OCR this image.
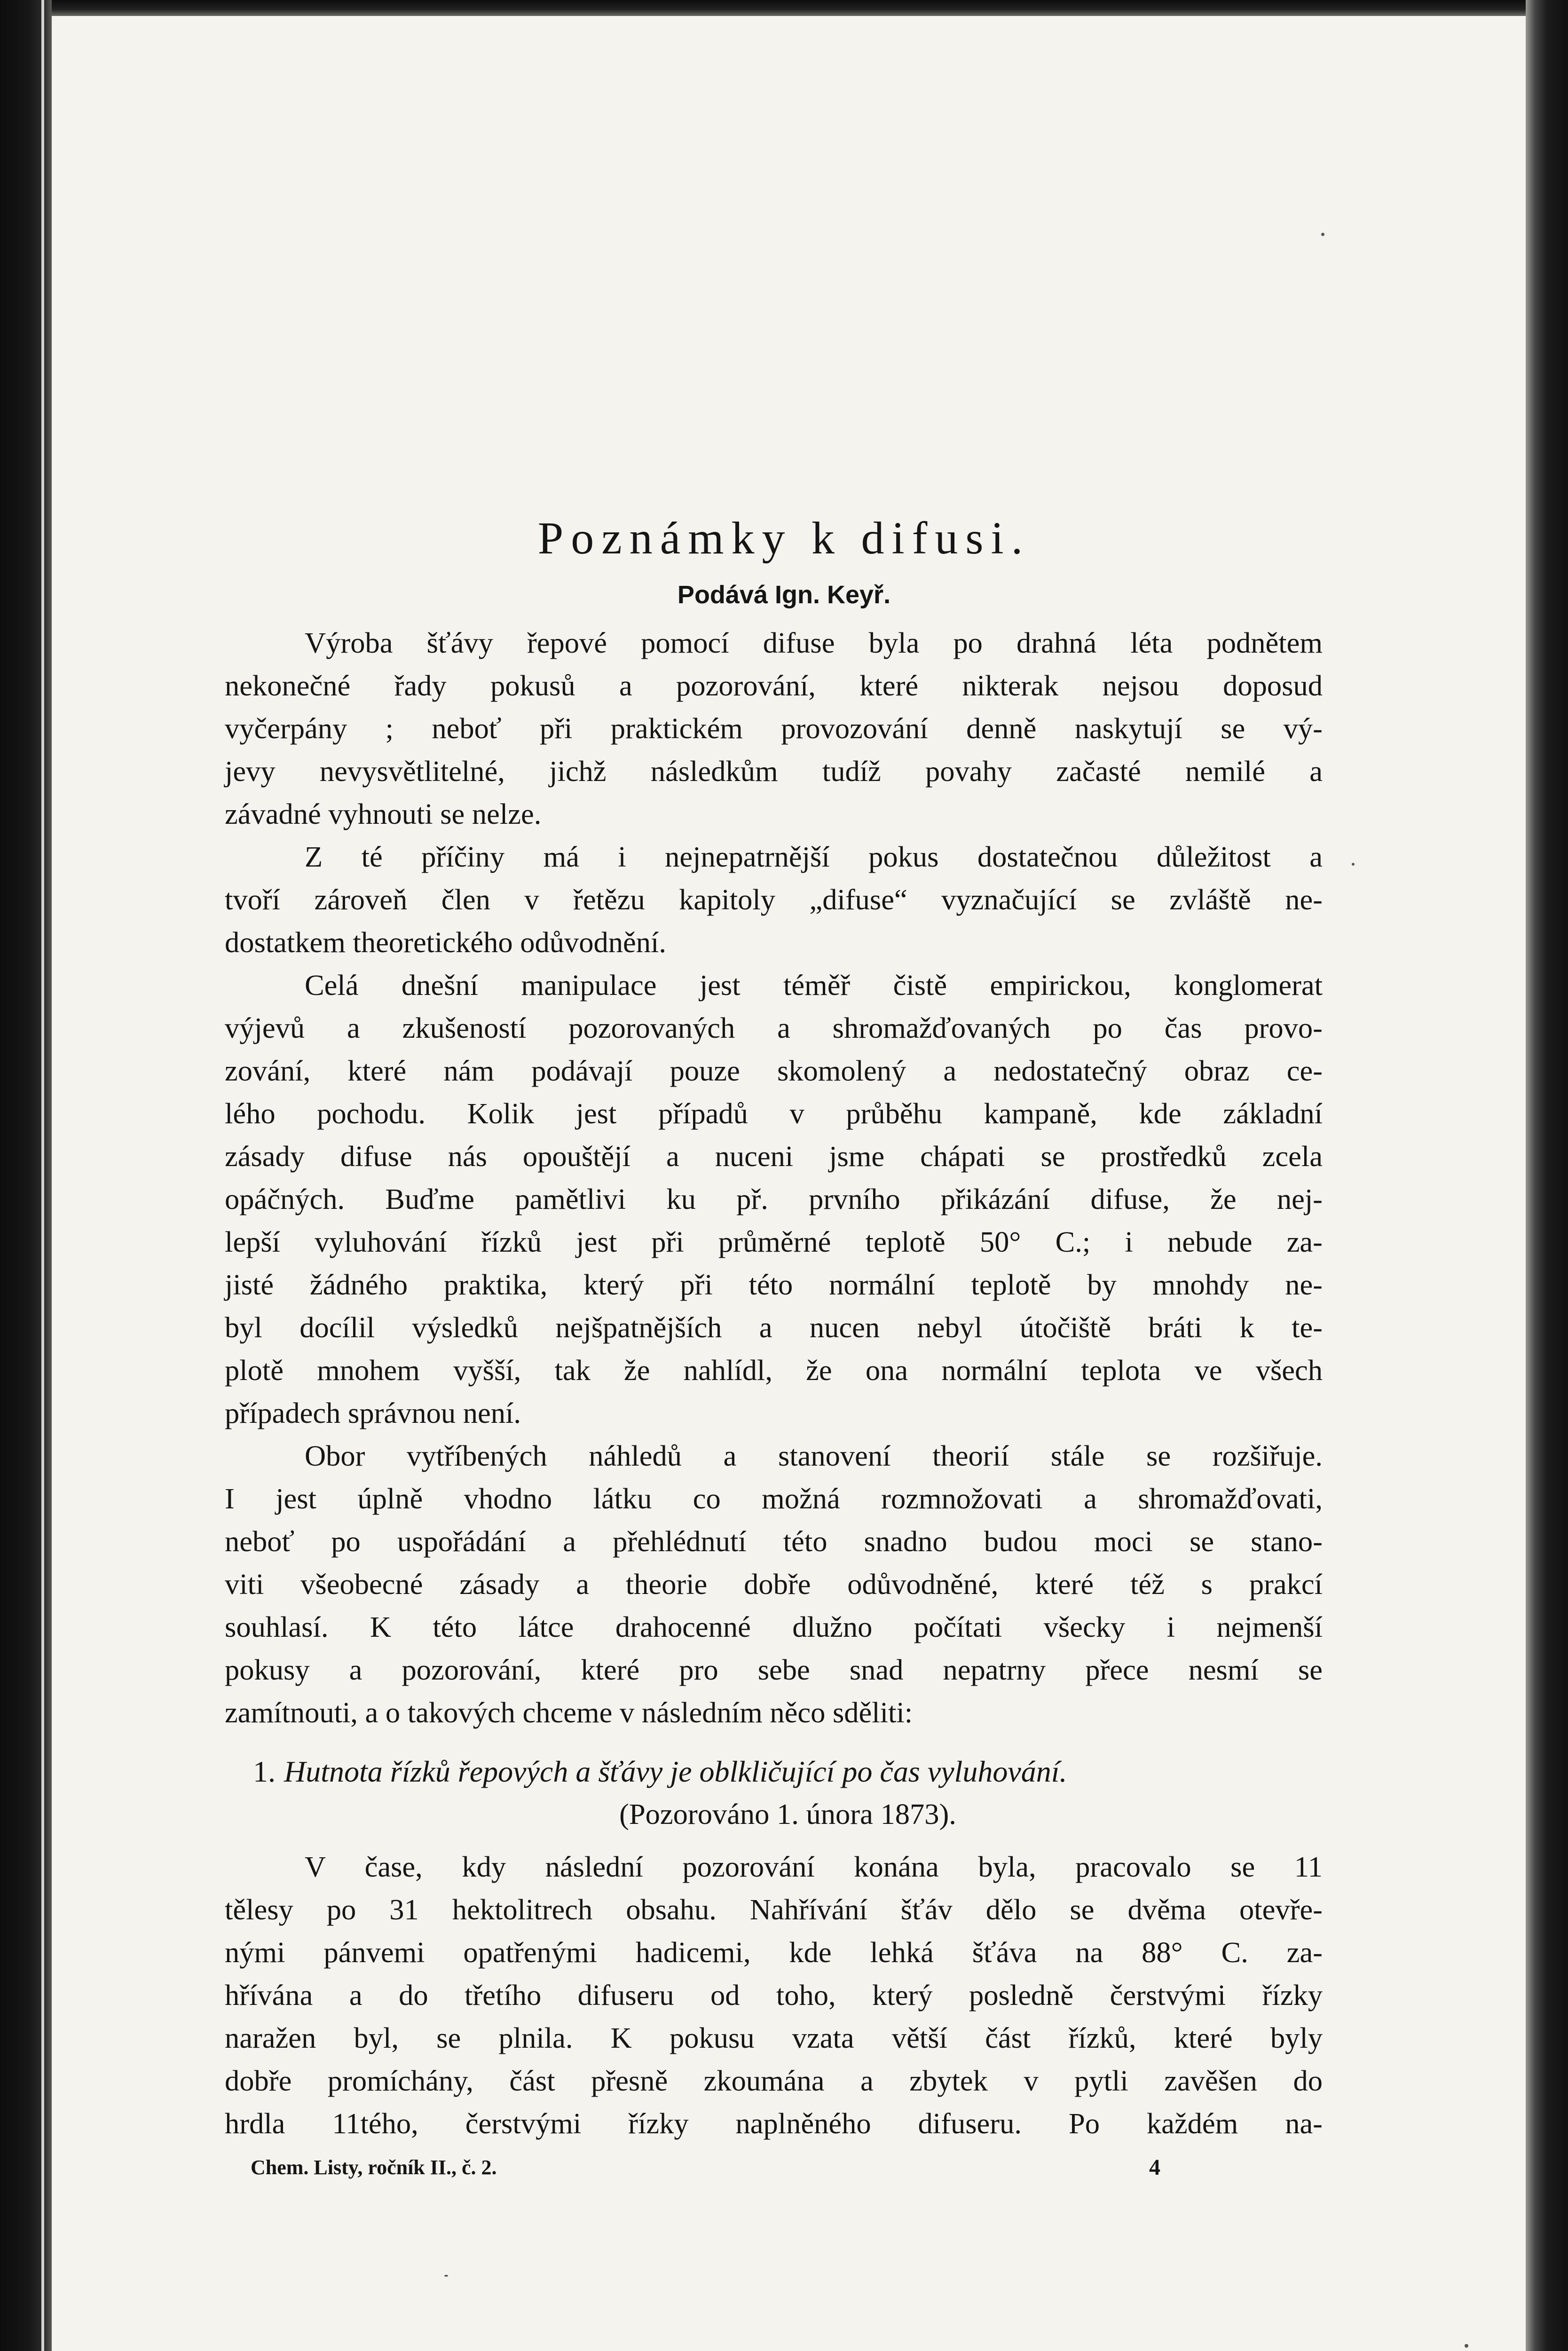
Poznámky k difusi.
Podává Ign. Keyř.
Výroba šťávy řepové pomocí difuse byla po drahná léta podnětem
nekonečné řady pokusů a pozorování, které nikterak nejsou doposud
vyčerpány ; neboť při praktickém provozování denně naskytují se vý-
jevy nevysvětlitelné, jichž následkům tudíž povahy začasté nemilé a
závadné vyhnouti se nelze.
Z té příčiny má i nejnepatrnější pokus dostatečnou důležitost a
tvoří zároveň člen v řetězu kapitoly „difuse“ vyznačující se zvláště ne-
dostatkem theoretického odůvodnění.
Celá dnešní manipulace jest téměř čistě empirickou, konglomerat
výjevů a zkušeností pozorovaných a shromažďovaných po čas provo-
zování, které nám podávají pouze skomolený a nedostatečný obraz ce-
lého pochodu. Kolik jest případů v průběhu kampaně, kde základní
zásady difuse nás opouštějí a nuceni jsme chápati se prostředků zcela
opáčných. Buďme pamětlivi ku př. prvního přikázání difuse, že nej-
lepší vyluhování řízků jest při průměrné teplotě 50° C.; i nebude za-
jisté žádného praktika, který při této normální teplotě by mnohdy ne-
byl docílil výsledků nejšpatnějších a nucen nebyl útočiště bráti k te-
plotě mnohem vyšší, tak že nahlídl, že ona normální teplota ve všech
případech správnou není.
Obor vytříbených náhledů a stanovení theorií stále se rozšiřuje.
I jest úplně vhodno látku co možná rozmnožovati a shromažďovati,
neboť po uspořádání a přehlédnutí této snadno budou moci se stano-
viti všeobecné zásady a theorie dobře odůvodněné, které též s prakcí
souhlasí. K této látce drahocenné dlužno počítati všecky i nejmenší
pokusy a pozorování, které pro sebe snad nepatrny přece nesmí se
zamítnouti, a o takových chceme v následním něco sděliti:
1. Hutnota řízků řepových a šťávy je oblkličující po čas vyluhování.
(Pozorováno 1. února 1873).
V čase, kdy následní pozorování konána byla, pracovalo se 11
tělesy po 31 hektolitrech obsahu. Nahřívání šťáv dělo se dvěma otevře-
nými pánvemi opatřenými hadicemi, kde lehká šťáva na 88° C. za-
hřívána a do třetího difuseru od toho, který posledně čerstvými řízky
naražen byl, se plnila. K pokusu vzata větší část řízků, které byly
dobře promíchány, část přesně zkoumána a zbytek v pytli zavěšen do
hrdla 11tého, čerstvými řízky naplněného difuseru. Po každém na-
Chem. Listy, ročník II., č. 2.	4
